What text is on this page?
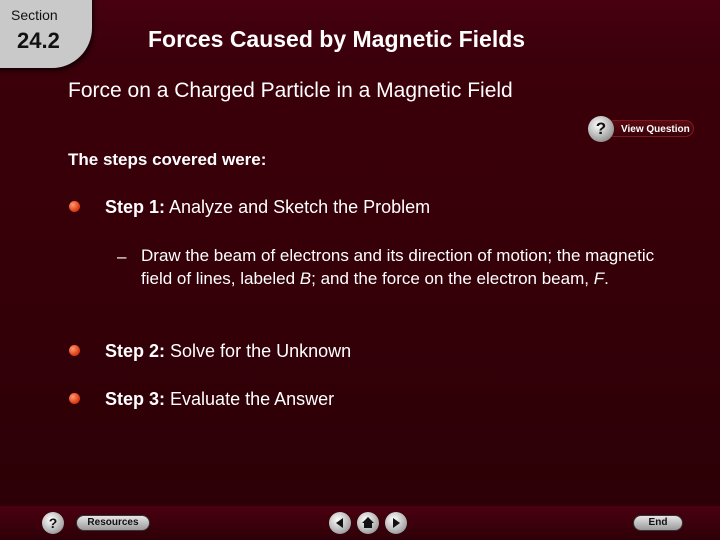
Section
24.2	Forces Caused by Magnetic Fields
Force on a Charged Particle in a Magnetic Field
View Question
?
The steps covered were:
Step 1: Analyze and Sketch the Problem
– Draw the beam of electrons and its direction of motion; the magnetic field of lines, labeled B; and the force on the electron beam, F.
Step 2: Solve for the Unknown
Step 3: Evaluate the Answer
?	Resources	End
